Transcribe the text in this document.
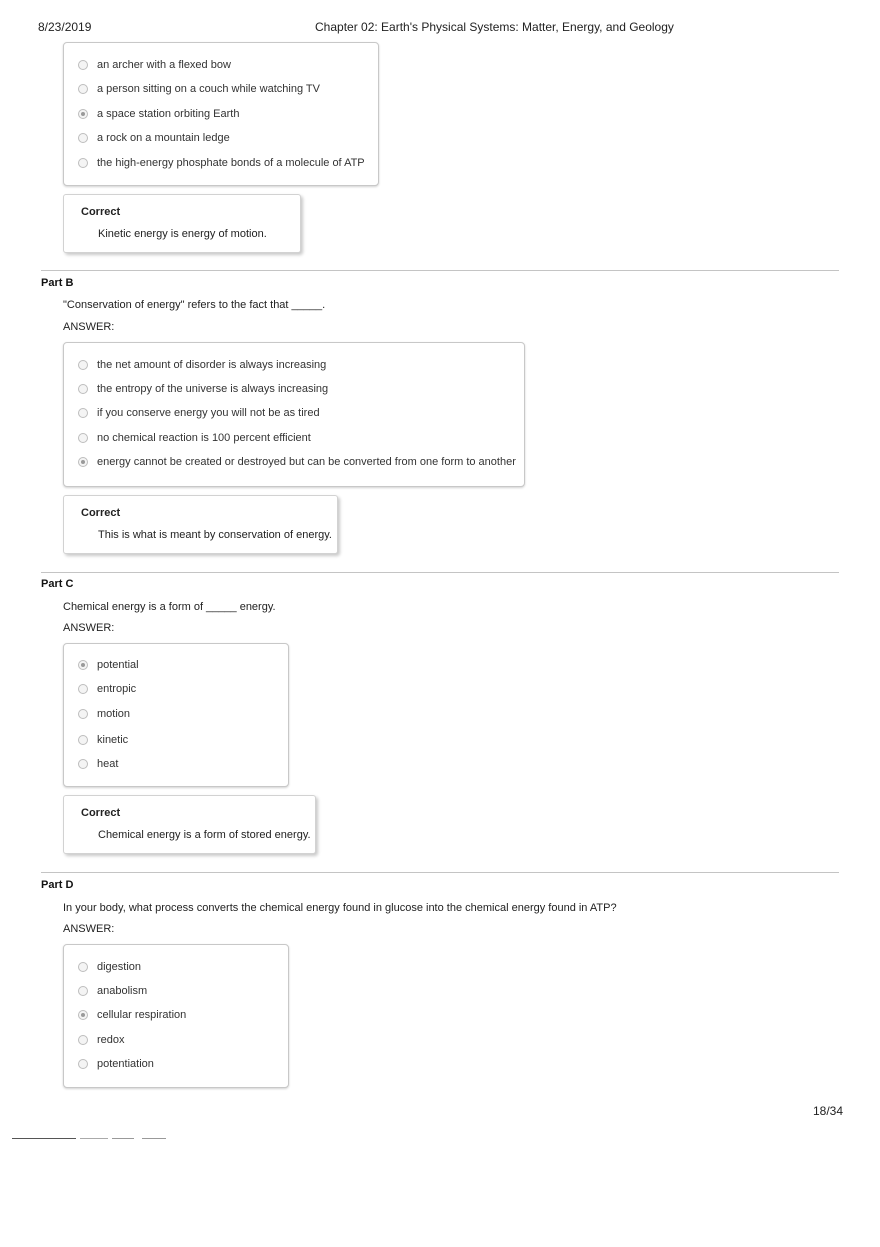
8/23/2019	Chapter 02: Earth's Physical Systems: Matter, Energy, and Geology
an archer with a flexed bow
a person sitting on a couch while watching TV
a space station orbiting Earth
a rock on a mountain ledge
the high-energy phosphate bonds of a molecule of ATP
Correct
Kinetic energy is energy of motion.
Part B
"Conservation of energy" refers to the fact that _____.
ANSWER:
the net amount of disorder is always increasing
the entropy of the universe is always increasing
if you conserve energy you will not be as tired
no chemical reaction is 100 percent efficient
energy cannot be created or destroyed but can be converted from one form to another
Correct
This is what is meant by conservation of energy.
Part C
Chemical energy is a form of _____ energy.
ANSWER:
potential
entropic
motion
kinetic
heat
Correct
Chemical energy is a form of stored energy.
Part D
In your body, what process converts the chemical energy found in glucose into the chemical energy found in ATP?
ANSWER:
digestion
anabolism
cellular respiration
redox
potentiation
18/34
